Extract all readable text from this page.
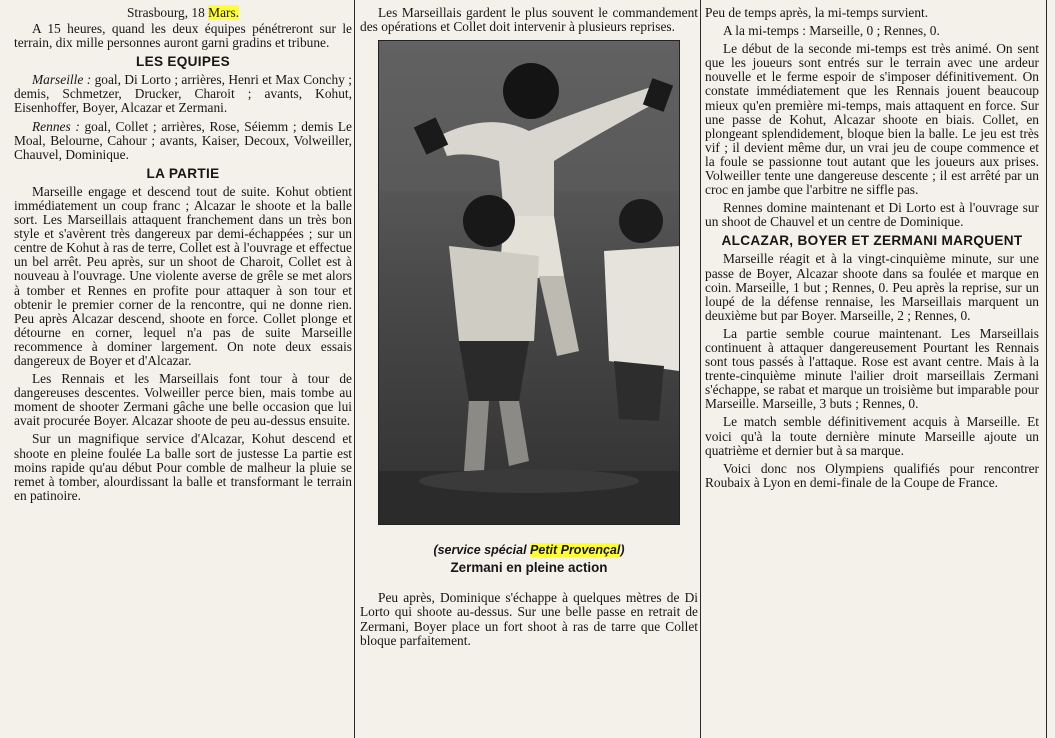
Strasbourg, 18 Mars.

A 15 heures, quand les deux équipes pénétreront sur le terrain, dix mille personnes auront garni gradins et tribune.

LES EQUIPES

Marseille : goal, Di Lorto ; arrières, Henri et Max Conchy ; demis, Schmetzer, Drucker, Charoit ; avants, Kohut, Eisenhoffer, Boyer, Alcazar et Zermani.

Rennes : goal, Collet ; arrières, Rose, Séiemm ; demis Le Moal, Belourne, Cahour ; avants, Kaiser, Decoux, Volweiller, Chauvel, Dominique.

LA PARTIE

Marseille engage et descend tout de suite. Kohut obtient immédiatement un coup franc ; Alcazar le shoote et la balle sort. Les Marseillais attaquent franchement dans un très bon style et s'avèrent très dangereux par demi-échappées ; sur un centre de Kohut à ras de terre, Collet est à l'ouvrage et effectue un bel arrêt. Peu après, sur un shoot de Charoit, Collet est à nouveau à l'ouvrage. Une violente averse de grêle se met alors à tomber et Rennes en profite pour attaquer à son tour et obtenir le premier corner de la rencontre, qui ne donne rien. Peu après Alcazar descend, shoote en force. Collet plonge et détourne en corner, lequel n'a pas de suite Marseille recommence à dominer largement. On note deux essais dangereux de Boyer et d'Alcazar.

Les Rennais et les Marseillais font tour à tour de dangereuses descentes. Volweiller perce bien, mais tombe au moment de shooter Zermani gâche une belle occasion que lui avait procurée Boyer. Alcazar shoote de peu au-dessus ensuite.

Sur un magnifique service d'Alcazar, Kohut descend et shoote en pleine foulée La balle sort de justesse La partie est moins rapide qu'au début Pour comble de malheur la pluie se remet à tomber, alourdissant la balle et transformant le terrain en patinoire.

Les Marseillais gardent le plus souvent le commandement des opérations et Collet doit intervenir à plusieurs reprises.

(service spécial Petit Provençal)
Zermani en pleine action

Peu après, Dominique s'échappe à quelques mètres de Di Lorto qui shoote au-dessus. Sur une belle passe en retrait de Zermani, Boyer place un fort shoot à ras de tarre que Collet bloque parfaitement.

Peu de temps après, la mi-temps survient.

A la mi-temps : Marseille, 0 ; Rennes, 0.

Le début de la seconde mi-temps est très animé. On sent que les joueurs sont entrés sur le terrain avec une ardeur nouvelle et le ferme espoir de s'imposer définitivement. On constate immédiatement que les Rennais jouent beaucoup mieux qu'en première mi-temps, mais attaquent en force. Sur une passe de Kohut, Alcazar shoote en biais. Collet, en plongeant splendidement, bloque bien la balle. Le jeu est très vif ; il devient même dur, un vrai jeu de coupe commence et la foule se passionne tout autant que les joueurs aux prises. Volweiller tente une dangereuse descente ; il est arrêté par un croc en jambe que l'arbitre ne siffle pas.

Rennes domine maintenant et Di Lorto est à l'ouvrage sur un shoot de Chauvel et un centre de Dominique.

ALCAZAR, BOYER ET ZERMANI MARQUENT

Marseille réagit et à la vingt-cinquième minute, sur une passe de Boyer, Alcazar shoote dans sa foulée et marque en coin. Marseille, 1 but ; Rennes, 0. Peu après la reprise, sur un loupé de la défense rennaise, les Marseillais marquent un deuxième but par Boyer. Marseille, 2 ; Rennes, 0.

La partie semble courue maintenant. Les Marseillais continuent à attaquer dangereusement Pourtant les Rennais sont tous passés à l'attaque. Rose est avant centre. Mais à la trente-cinquième minute l'ailier droit marseillais Zermani s'échappe, se rabat et marque un troisième but imparable pour Marseille. Marseille, 3 buts ; Rennes, 0.

Le match semble définitivement acquis à Marseille. Et voici qu'à la toute dernière minute Marseille ajoute un quatrième et dernier but à sa marque.

Voici donc nos Olympiens qualifiés pour rencontrer Roubaix à Lyon en demi-finale de la Coupe de France.
